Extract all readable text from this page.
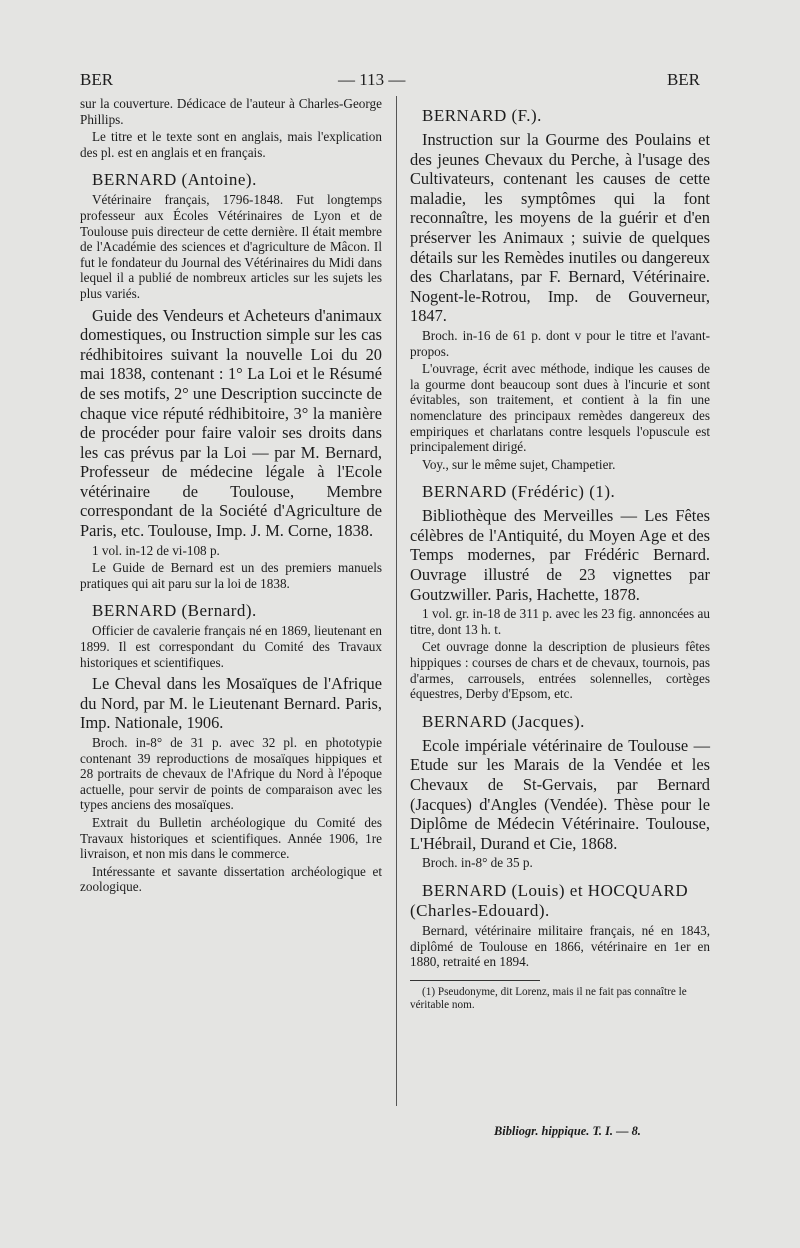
BER	— 113 —	BER

sur la couverture. Dédicace de l'auteur à Charles-George Phillips.

Le titre et le texte sont en anglais, mais l'explication des pl. est en anglais et en français.

BERNARD (Antoine).

Vétérinaire français, 1796-1848. Fut longtemps professeur aux Écoles Vétérinaires de Lyon et de Toulouse puis directeur de cette dernière. Il était membre de l'Académie des sciences et d'agriculture de Mâcon. Il fut le fondateur du Journal des Vétérinaires du Midi dans lequel il a publié de nombreux articles sur les sujets les plus variés.

Guide des Vendeurs et Acheteurs d'animaux domestiques, ou Instruction simple sur les cas rédhibitoires suivant la nouvelle Loi du 20 mai 1838, contenant : 1° La Loi et le Résumé de ses motifs, 2° une Description succincte de chaque vice réputé rédhibitoire, 3° la manière de procéder pour faire valoir ses droits dans les cas prévus par la Loi — par M. Bernard, Professeur de médecine légale à l'Ecole vétérinaire de Toulouse, Membre correspondant de la Société d'Agriculture de Paris, etc. Toulouse, Imp. J. M. Corne, 1838.

1 vol. in-12 de vi-108 p.

Le Guide de Bernard est un des premiers manuels pratiques qui ait paru sur la loi de 1838.

BERNARD (Bernard).

Officier de cavalerie français né en 1869, lieutenant en 1899. Il est correspondant du Comité des Travaux historiques et scientifiques.

Le Cheval dans les Mosaïques de l'Afrique du Nord, par M. le Lieutenant Bernard. Paris, Imp. Nationale, 1906.

Broch. in-8° de 31 p. avec 32 pl. en phototypie contenant 39 reproductions de mosaïques hippiques et 28 portraits de chevaux de l'Afrique du Nord à l'époque actuelle, pour servir de points de comparaison avec les types anciens des mosaïques.

Extrait du Bulletin archéologique du Comité des Travaux historiques et scientifiques. Année 1906, 1re livraison, et non mis dans le commerce.

Intéressante et savante dissertation archéologique et zoologique.

BERNARD (F.).

Instruction sur la Gourme des Poulains et des jeunes Chevaux du Perche, à l'usage des Cultivateurs, contenant les causes de cette maladie, les symptômes qui la font reconnaître, les moyens de la guérir et d'en préserver les Animaux ; suivie de quelques détails sur les Remèdes inutiles ou dangereux des Charlatans, par F. Bernard, Vétérinaire. Nogent-le-Rotrou, Imp. de Gouverneur, 1847.

Broch. in-16 de 61 p. dont v pour le titre et l'avant-propos.

L'ouvrage, écrit avec méthode, indique les causes de la gourme dont beaucoup sont dues à l'incurie et sont évitables, son traitement, et contient à la fin une nomenclature des principaux remèdes dangereux des empiriques et charlatans contre lesquels l'opuscule est principalement dirigé.

Voy., sur le même sujet, Champetier.

BERNARD (Frédéric) (1).

Bibliothèque des Merveilles — Les Fêtes célèbres de l'Antiquité, du Moyen Age et des Temps modernes, par Frédéric Bernard. Ouvrage illustré de 23 vignettes par Goutzwiller. Paris, Hachette, 1878.

1 vol. gr. in-18 de 311 p. avec les 23 fig. annoncées au titre, dont 13 h. t.

Cet ouvrage donne la description de plusieurs fêtes hippiques : courses de chars et de chevaux, tournois, pas d'armes, carrousels, entrées solennelles, cortèges équestres, Derby d'Epsom, etc.

BERNARD (Jacques).

Ecole impériale vétérinaire de Toulouse — Etude sur les Marais de la Vendée et les Chevaux de St-Gervais, par Bernard (Jacques) d'Angles (Vendée). Thèse pour le Diplôme de Médecin Vétérinaire. Toulouse, L'Hébrail, Durand et Cie, 1868.

Broch. in-8° de 35 p.

BERNARD (Louis) et HOCQUARD (Charles-Edouard).

Bernard, vétérinaire militaire français, né en 1843, diplômé de Toulouse en 1866, vétérinaire en 1er en 1880, retraité en 1894.

(1) Pseudonyme, dit Lorenz, mais il ne fait pas connaître le véritable nom.

Bibliogr. hippique. T. I. — 8.
